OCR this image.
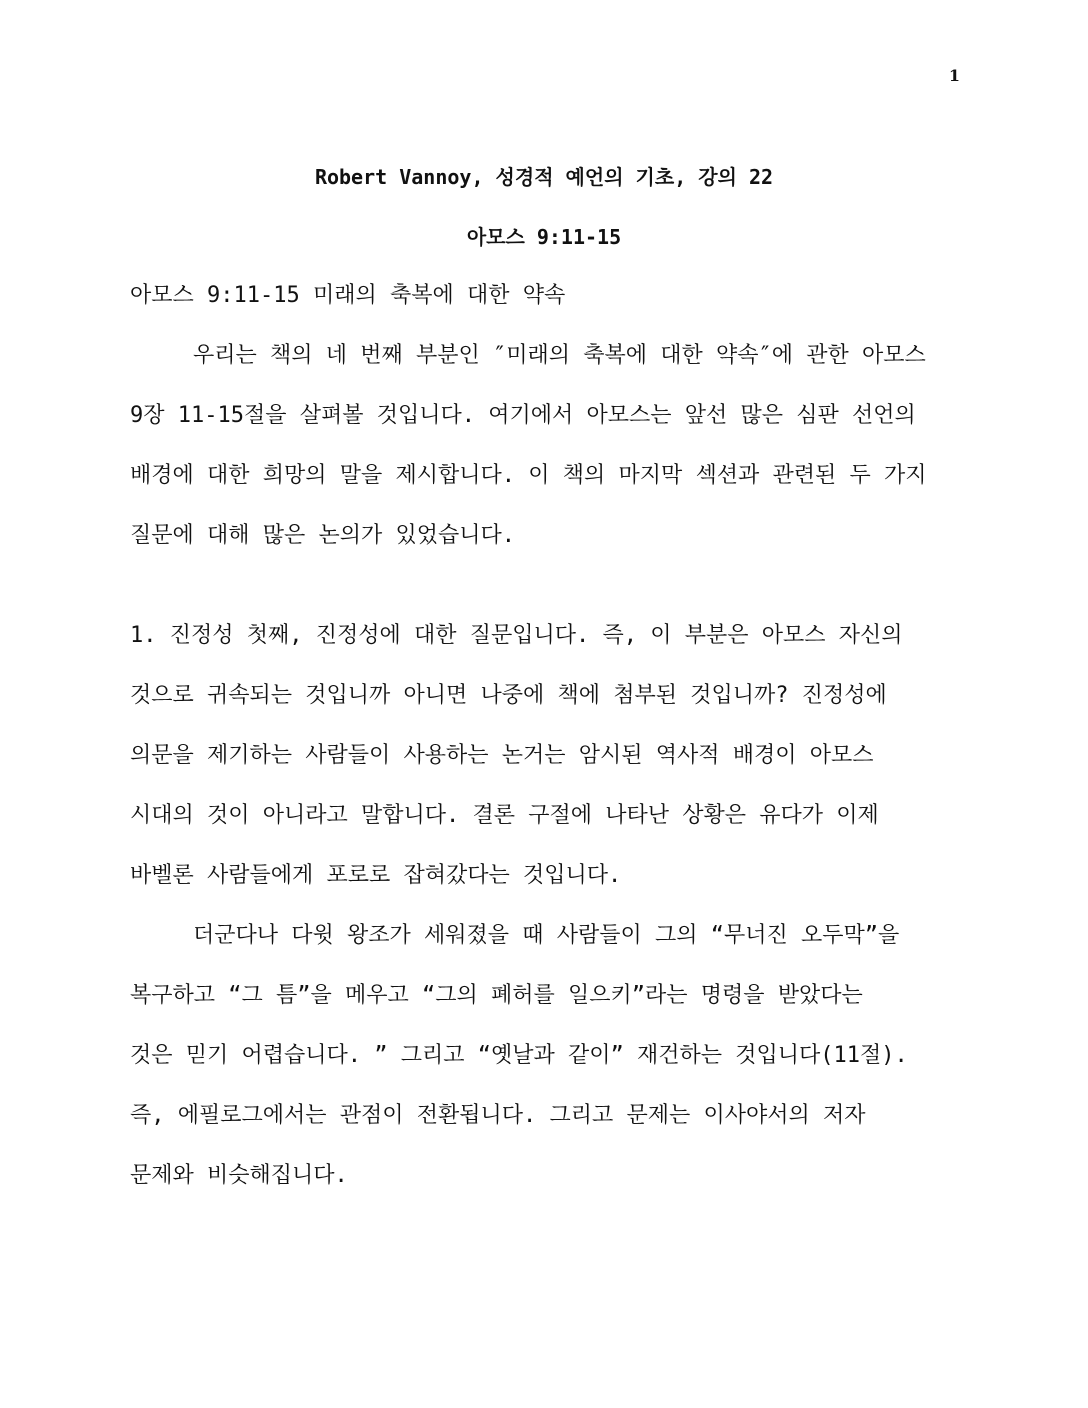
1
Robert Vannoy, 성경적 예언의 기초, 강의 22
아모스 9:11-15
아모스 9:11-15 미래의 축복에 대한 약속
우리는 책의 네 번째 부분인 ″미래의 축복에 대한 약속″에 관한 아모스
9장 11-15절을 살펴볼 것입니다. 여기에서 아모스는 앞선 많은 심판 선언의
배경에 대한 희망의 말을 제시합니다. 이 책의 마지막 섹션과 관련된 두 가지
질문에 대해 많은 논의가 있었습니다.
1. 진정성 첫째, 진정성에 대한 질문입니다. 즉, 이 부분은 아모스 자신의
것으로 귀속되는 것입니까 아니면 나중에 책에 첨부된 것입니까? 진정성에
의문을 제기하는 사람들이 사용하는 논거는 암시된 역사적 배경이 아모스
시대의 것이 아니라고 말합니다. 결론 구절에 나타난 상황은 유다가 이제
바벨론 사람들에게 포로로 잡혀갔다는 것입니다.
더군다나 다윗 왕조가 세워졌을 때 사람들이 그의 “무너진 오두막”을
복구하고 “그 틈”을 메우고 “그의 폐허를 일으키”라는 명령을 받았다는
것은 믿기 어렵습니다. ” 그리고 “옛날과 같이” 재건하는 것입니다(11절).
즉, 에필로그에서는 관점이 전환됩니다. 그리고 문제는 이사야서의 저자
문제와 비슷해집니다.
